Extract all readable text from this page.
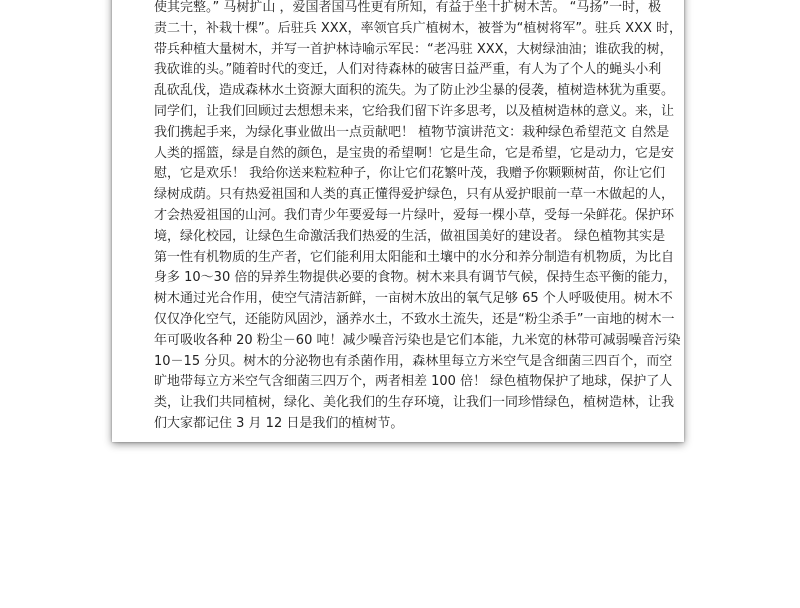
使其完整。” 马树扩山 ，爱国者国马性更有所知，有益于坐十扩树木苦。 “马扬”一时，极
责二十，补栽十棵”。后驻兵 XXX，率领官兵广植树木，被誉为“植树将军”。驻兵 XXX 时，
带兵种植大量树木，并写一首护林诗喻示军民：“老冯驻 XXX，大树绿油油；谁砍我的树，
我砍谁的头。”随着时代的变迁，人们对待森林的破害日益严重，有人为了个人的蝇头小利
乱砍乱伐，造成森林水土资源大面积的流失。为了防止沙尘暴的侵袭，植树造林犹为重要。
同学们，让我们回顾过去想想未来，它给我们留下许多思考，以及植树造林的意义。来，让
我们携起手来，为绿化事业做出一点贡献吧！ 植物节演讲范文：栽种绿色希望范文 自然是
人类的摇篮，绿是自然的颜色，是宝贵的希望啊！它是生命，它是希望，它是动力，它是安
慰，它是欢乐！ 我给你送来粒粒种子，你让它们花繁叶茂，我赠予你颗颗树苗，你让它们
绿树成荫。只有热爱祖国和人类的真正懂得爱护绿色，只有从爱护眼前一草一木做起的人，
才会热爱祖国的山河。我们青少年要爱每一片绿叶，爱每一棵小草，受每一朵鲜花。保护环
境，绿化校园，让绿色生命激活我们热爱的生活，做祖国美好的建设者。 绿色植物其实是
第一性有机物质的生产者，它们能利用太阳能和土壤中的水分和养分制造有机物质，为比自
身多 10～30 倍的异养生物提供必要的食物。树木来具有调节气候，保持生态平衡的能力，
树木通过光合作用，使空气清洁新鲜，一亩树木放出的氧气足够 65 个人呼吸使用。树木不
仅仅净化空气，还能防风固沙，涵养水土，不致水土流失，还是“粉尘杀手”一亩地的树木一
年可吸收各种 20 粉尘－60 吨！减少噪音污染也是它们本能，九米宽的林带可减弱噪音污染
10－15 分贝。树木的分泌物也有杀菌作用，森林里每立方米空气是含细菌三四百个，而空
旷地带每立方米空气含细菌三四万个，两者相差 100 倍！ 绿色植物保护了地球，保护了人
类，让我们共同植树，绿化、美化我们的生存环境，让我们一同珍惜绿色，植树造林，让我
们大家都记住 3 月 12 日是我们的植树节。
